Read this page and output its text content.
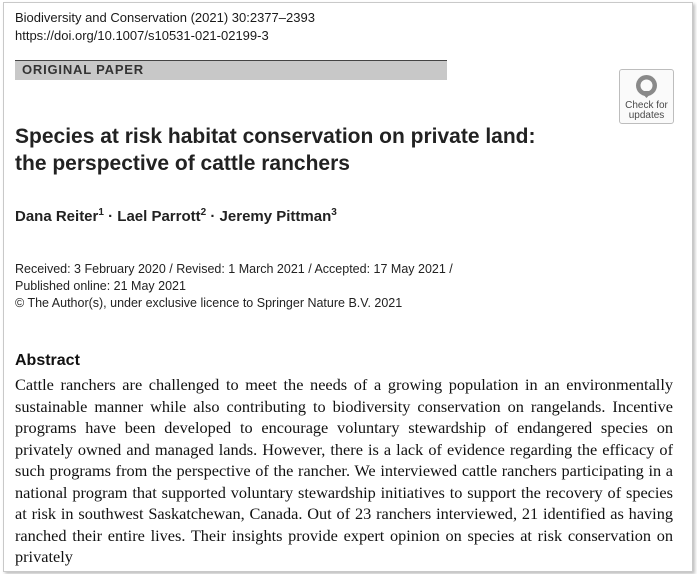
Biodiversity and Conservation (2021) 30:2377–2393
https://doi.org/10.1007/s10531-021-02199-3
ORIGINAL PAPER
Check for
updates
Species at risk habitat conservation on private land:
the perspective of cattle ranchers
Dana Reiter$^1$ · Lael Parrott$^2$ · Jeremy Pittman$^3$
Received: 3 February 2020 / Revised: 1 March 2021 / Accepted: 17 May 2021 /
Published online: 21 May 2021
© The Author(s), under exclusive licence to Springer Nature B.V. 2021
Abstract
Cattle ranchers are challenged to meet the needs of a growing population in an environmentally sustainable manner while also contributing to biodiversity conservation on rangelands. Incentive programs have been developed to encourage voluntary stewardship of endangered species on privately owned and managed lands. However, there is a lack of evidence regarding the efficacy of such programs from the perspective of the rancher. We interviewed cattle ranchers participating in a national program that supported voluntary stewardship initiatives to support the recovery of species at risk in southwest Saskatchewan, Canada. Out of 23 ranchers interviewed, 21 identified as having ranched their entire lives. Their insights provide expert opinion on species at risk conservation on privately
